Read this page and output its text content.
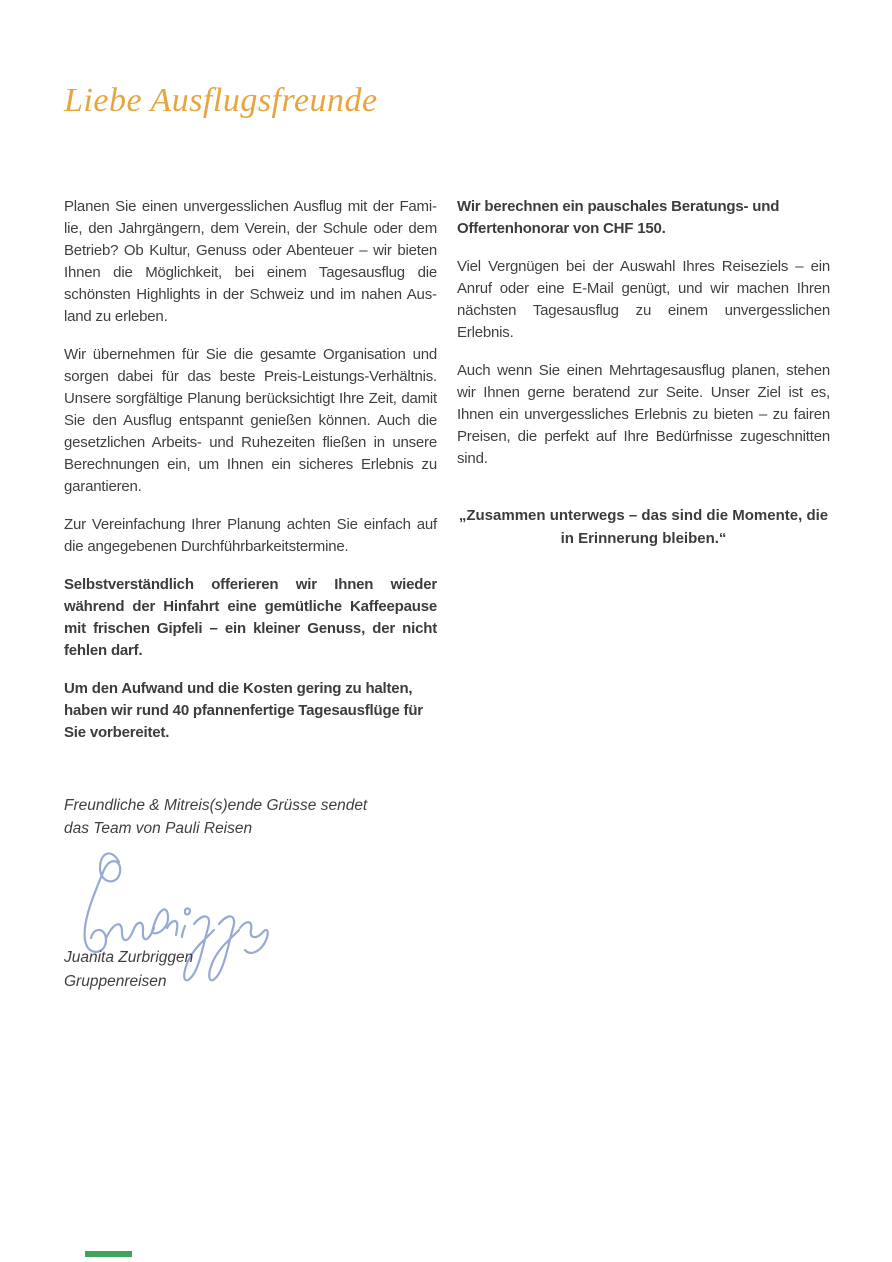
Liebe Ausflugsfreunde

Planen Sie einen unvergesslichen Ausflug mit der Familie, den Jahrgängern, dem Verein, der Schule oder dem Betrieb? Ob Kultur, Genuss oder Abenteuer – wir bieten Ihnen die Möglichkeit, bei einem Tagesausflug die schönsten Highlights in der Schweiz und im nahen Ausland zu erleben.

Wir übernehmen für Sie die gesamte Organisation und sorgen dabei für das beste Preis-Leistungs-Verhältnis. Unsere sorgfältige Planung berücksichtigt Ihre Zeit, damit Sie den Ausflug entspannt genießen können. Auch die gesetzlichen Arbeits- und Ruhezeiten fließen in unsere Berechnungen ein, um Ihnen ein sicheres Erlebnis zu garantieren.

Zur Vereinfachung Ihrer Planung achten Sie einfach auf die angegebenen Durchführbarkeitstermine.

Selbstverständlich offerieren wir Ihnen wieder während der Hinfahrt eine gemütliche Kaffeepause mit frischen Gipfeli – ein kleiner Genuss, der nicht fehlen darf.

Um den Aufwand und die Kosten gering zu halten, haben wir rund 40 pfannenfertige Tagesausflüge für Sie vorbereitet.

Freundliche & Mitreis(s)ende Grüsse sendet
das Team von Pauli Reisen
Juanita Zurbriggen
Gruppenreisen

Wir berechnen ein pauschales Beratungs- und Offertenhonorar von CHF 150.

Viel Vergnügen bei der Auswahl Ihres Reiseziels – ein Anruf oder eine E-Mail genügt, und wir machen Ihren nächsten Tagesausflug zu einem unvergesslichen Erlebnis.

Auch wenn Sie einen Mehrtagesausflug planen, stehen wir Ihnen gerne beratend zur Seite. Unser Ziel ist es, Ihnen ein unvergessliches Erlebnis zu bieten – zu fairen Preisen, die perfekt auf Ihre Bedürfnisse zugeschnitten sind.

„Zusammen unterwegs – das sind die Momente, die in Erinnerung bleiben.“
